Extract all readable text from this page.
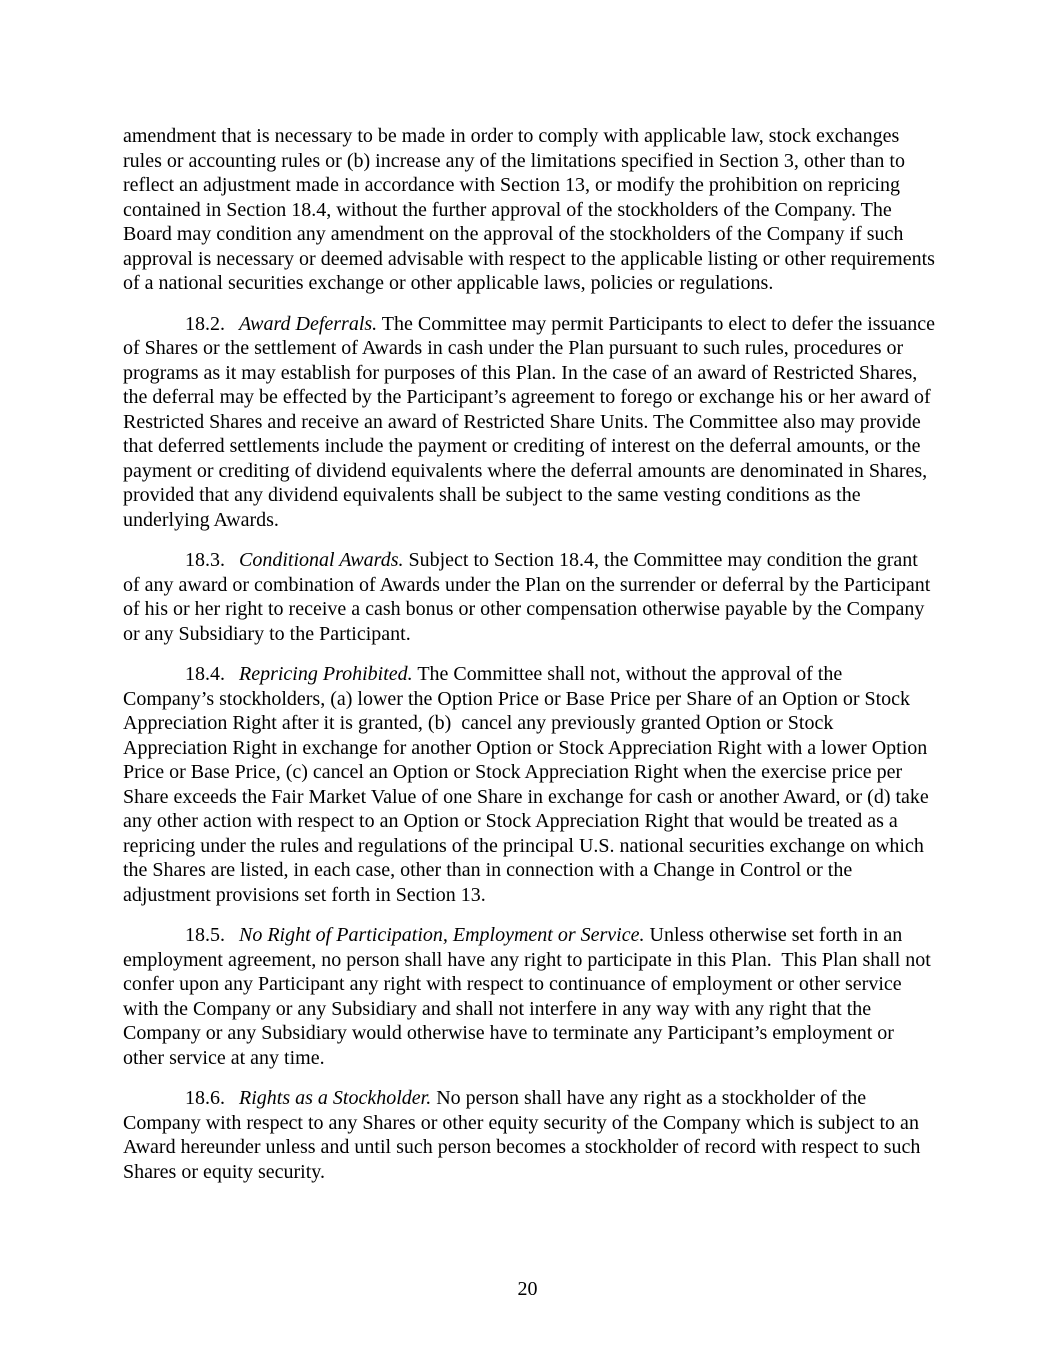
amendment that is necessary to be made in order to comply with applicable law, stock exchanges rules or accounting rules or (b) increase any of the limitations specified in Section 3, other than to reflect an adjustment made in accordance with Section 13, or modify the prohibition on repricing contained in Section 18.4, without the further approval of the stockholders of the Company. The Board may condition any amendment on the approval of the stockholders of the Company if such approval is necessary or deemed advisable with respect to the applicable listing or other requirements of a national securities exchange or other applicable laws, policies or regulations.

18.2. Award Deferrals. The Committee may permit Participants to elect to defer the issuance of Shares or the settlement of Awards in cash under the Plan pursuant to such rules, procedures or programs as it may establish for purposes of this Plan. In the case of an award of Restricted Shares, the deferral may be effected by the Participant’s agreement to forego or exchange his or her award of Restricted Shares and receive an award of Restricted Share Units. The Committee also may provide that deferred settlements include the payment or crediting of interest on the deferral amounts, or the payment or crediting of dividend equivalents where the deferral amounts are denominated in Shares, provided that any dividend equivalents shall be subject to the same vesting conditions as the underlying Awards.

18.3. Conditional Awards. Subject to Section 18.4, the Committee may condition the grant of any award or combination of Awards under the Plan on the surrender or deferral by the Participant of his or her right to receive a cash bonus or other compensation otherwise payable by the Company or any Subsidiary to the Participant.

18.4. Repricing Prohibited. The Committee shall not, without the approval of the Company’s stockholders, (a) lower the Option Price or Base Price per Share of an Option or Stock Appreciation Right after it is granted, (b)  cancel any previously granted Option or Stock Appreciation Right in exchange for another Option or Stock Appreciation Right with a lower Option Price or Base Price, (c) cancel an Option or Stock Appreciation Right when the exercise price per Share exceeds the Fair Market Value of one Share in exchange for cash or another Award, or (d) take any other action with respect to an Option or Stock Appreciation Right that would be treated as a repricing under the rules and regulations of the principal U.S. national securities exchange on which the Shares are listed, in each case, other than in connection with a Change in Control or the adjustment provisions set forth in Section 13.

18.5. No Right of Participation, Employment or Service. Unless otherwise set forth in an employment agreement, no person shall have any right to participate in this Plan.  This Plan shall not confer upon any Participant any right with respect to continuance of employment or other service with the Company or any Subsidiary and shall not interfere in any way with any right that the Company or any Subsidiary would otherwise have to terminate any Participant’s employment or other service at any time.

18.6. Rights as a Stockholder. No person shall have any right as a stockholder of the Company with respect to any Shares or other equity security of the Company which is subject to an Award hereunder unless and until such person becomes a stockholder of record with respect to such Shares or equity security.

20
